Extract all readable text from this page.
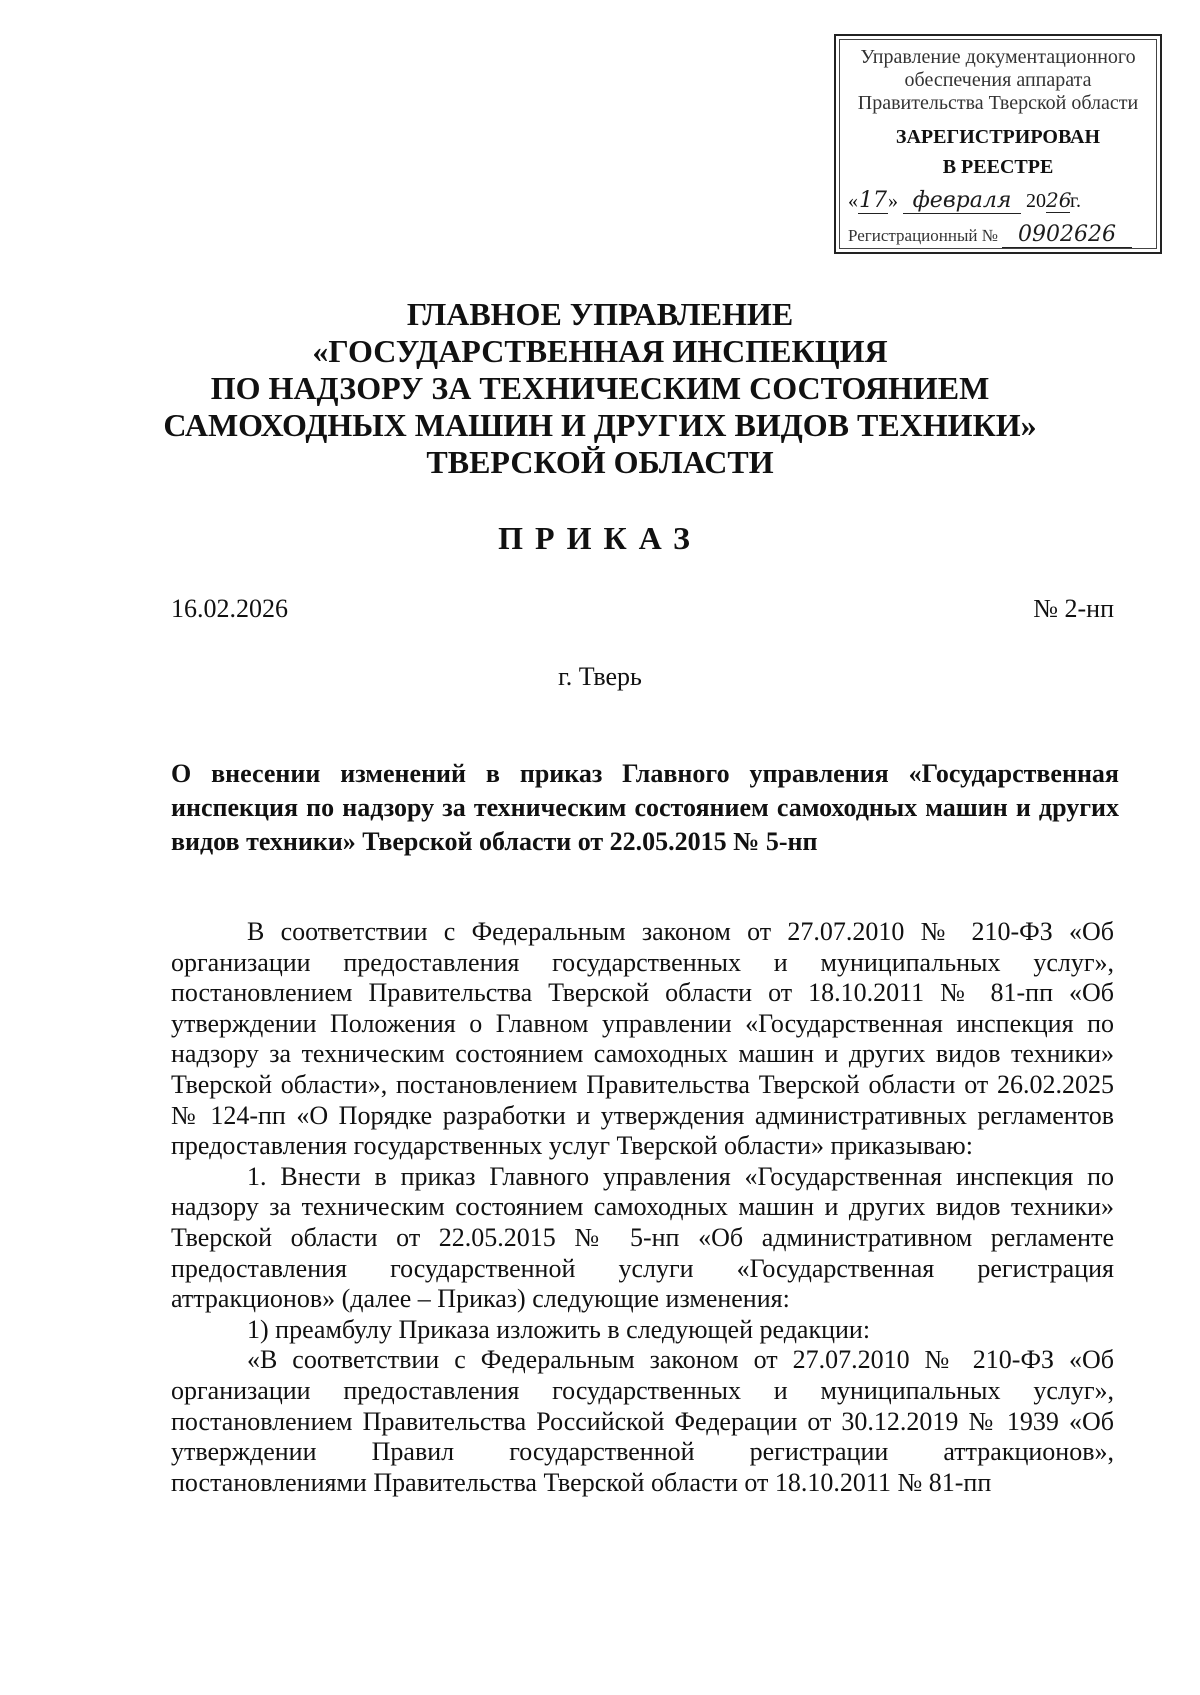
Управление документационного
обеспечения аппарата
Правительства Тверской области
ЗАРЕГИСТРИРОВАН
В РЕЕСТРЕ
«17» февраля 2026г.
Регистрационный № 0902626
ГЛАВНОЕ УПРАВЛЕНИЕ
«ГОСУДАРСТВЕННАЯ ИНСПЕКЦИЯ
ПО НАДЗОРУ ЗА ТЕХНИЧЕСКИМ СОСТОЯНИЕМ
САМОХОДНЫХ МАШИН И ДРУГИХ ВИДОВ ТЕХНИКИ»
ТВЕРСКОЙ ОБЛАСТИ
ПРИКАЗ
16.02.2026	№ 2-нп
г. Тверь
О внесении изменений в приказ Главного управления «Государственная инспекция по надзору за техническим состоянием самоходных машин и других видов техники» Тверской области от 22.05.2015 № 5-нп

В соответствии с Федеральным законом от 27.07.2010 № 210-ФЗ «Об организации предоставления государственных и муниципальных услуг», постановлением Правительства Тверской области от 18.10.2011 № 81-пп «Об утверждении Положения о Главном управлении «Государственная инспекция по надзору за техническим состоянием самоходных машин и других видов техники» Тверской области», постановлением Правительства Тверской области от 26.02.2025 № 124-пп «О Порядке разработки и утверждения административных регламентов предоставления государственных услуг Тверской области» приказываю:

1. Внести в приказ Главного управления «Государственная инспекция по надзору за техническим состоянием самоходных машин и других видов техники» Тверской области от 22.05.2015 № 5-нп «Об административном регламенте предоставления государственной услуги «Государственная регистрация аттракционов» (далее – Приказ) следующие изменения:

1) преамбулу Приказа изложить в следующей редакции:

«В соответствии с Федеральным законом от 27.07.2010 № 210-ФЗ «Об организации предоставления государственных и муниципальных услуг», постановлением Правительства Российской Федерации от 30.12.2019 № 1939 «Об утверждении Правил государственной регистрации аттракционов», постановлениями Правительства Тверской области от 18.10.2011 № 81-пп
